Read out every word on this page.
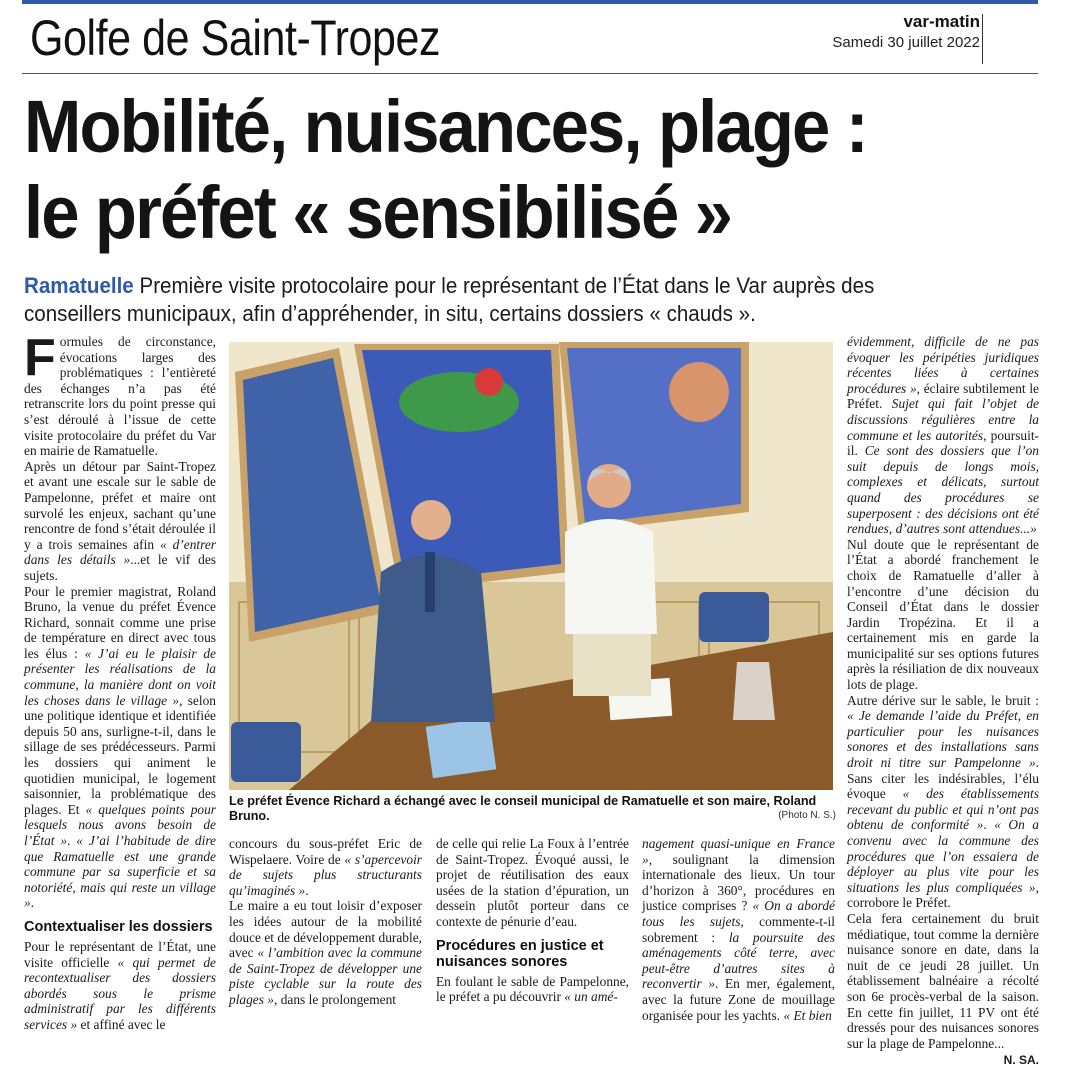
Golfe de Saint-Tropez	var-matin
Samedi 30 juillet 2022
Mobilité, nuisances, plage :
le préfet « sensibilisé »
Ramatuelle Première visite protocolaire pour le représentant de l’État dans le Var auprès des conseillers municipaux, afin d’appréhender, in situ, certains dossiers « chauds ».

Formules de circonstance, évocations larges des problématiques : l’entièreté des échanges n’a pas été retranscrite lors du point presse qui s’est déroulé à l’issue de cette visite protocolaire du préfet du Var en mairie de Ramatuelle.

Après un détour par Saint-Tropez et avant une escale sur le sable de Pampelonne, préfet et maire ont survolé les enjeux, sachant qu’une rencontre de fond s’était déroulée il y a trois semaines afin « d’entrer dans les détails »...et le vif des sujets.

Pour le premier magistrat, Roland Bruno, la venue du préfet Évence Richard, sonnait comme une prise de température en direct avec tous les élus : « J’ai eu le plaisir de présenter les réalisations de la commune, la manière dont on voit les choses dans le village », selon une politique identique et identifiée depuis 50 ans, surligne-t-il, dans le sillage de ses prédécesseurs. Parmi les dossiers qui animent le quotidien municipal, le logement saisonnier, la problématique des plages. Et « quelques points pour lesquels nous avons besoin de l’État ». « J’ai l’habitude de dire que Ramatuelle est une grande commune par sa superficie et sa notoriété, mais qui reste un village ».

Contextualiser les dossiers

Pour le représentant de l’État, une visite officielle « qui permet de recontextualiser des dossiers abordés sous le prisme administratif par les différents services » et affiné avec le

Le préfet Évence Richard a échangé avec le conseil municipal de Ramatuelle et son maire, Roland Bruno.	(Photo N. S.)

concours du sous-préfet Eric de Wispelaere. Voire de « s’apercevoir de sujets plus structurants qu’imaginés ».

Le maire a eu tout loisir d’exposer les idées autour de la mobilité douce et de développement durable, avec « l’ambition avec la commune de Saint-Tropez de développer une piste cyclable sur la route des plages », dans le prolongement

de celle qui relie La Foux à l’entrée de Saint-Tropez. Évoqué aussi, le projet de réutilisation des eaux usées de la station d’épuration, un dessein plutôt porteur dans ce contexte de pénurie d’eau.

Procédures en justice et nuisances sonores

En foulant le sable de Pampelonne, le préfet a pu découvrir « un amé-

nagement quasi-unique en France », soulignant la dimension internationale des lieux. Un tour d’horizon à 360°, procédures en justice comprises ? « On a abordé tous les sujets, commente-t-il sobrement : la poursuite des aménagements côté terre, avec peut-être d’autres sites à reconvertir ». En mer, également, avec la future Zone de mouillage organisée pour les yachts. « Et bien

évidemment, difficile de ne pas évoquer les péripéties juridiques récentes liées à certaines procédures », éclaire subtilement le Préfet. Sujet qui fait l’objet de discussions régulières entre la commune et les autorités, poursuit-il. Ce sont des dossiers que l’on suit depuis de longs mois, complexes et délicats, surtout quand des procédures se superposent : des décisions ont été rendues, d’autres sont attendues...»

Nul doute que le représentant de l’État a abordé franchement le choix de Ramatuelle d’aller à l’encontre d’une décision du Conseil d’État dans le dossier Jardin Tropézina. Et il a certainement mis en garde la municipalité sur ses options futures après la résiliation de dix nouveaux lots de plage.

Autre dérive sur le sable, le bruit : « Je demande l’aide du Préfet, en particulier pour les nuisances sonores et des installations sans droit ni titre sur Pampelonne ». Sans citer les indésirables, l’élu évoque « des établissements recevant du public et qui n’ont pas obtenu de conformité ». « On a convenu avec la commune des procédures que l’on essaiera de déployer au plus vite pour les situations les plus compliquées », corrobore le Préfet.

Cela fera certainement du bruit médiatique, tout comme la dernière nuisance sonore en date, dans la nuit de ce jeudi 28 juillet. Un établissement balnéaire a récolté son 6e procès-verbal de la saison. En cette fin juillet, 11 PV ont été dressés pour des nuisances sonores sur la plage de Pampelonne...

N. SA.
